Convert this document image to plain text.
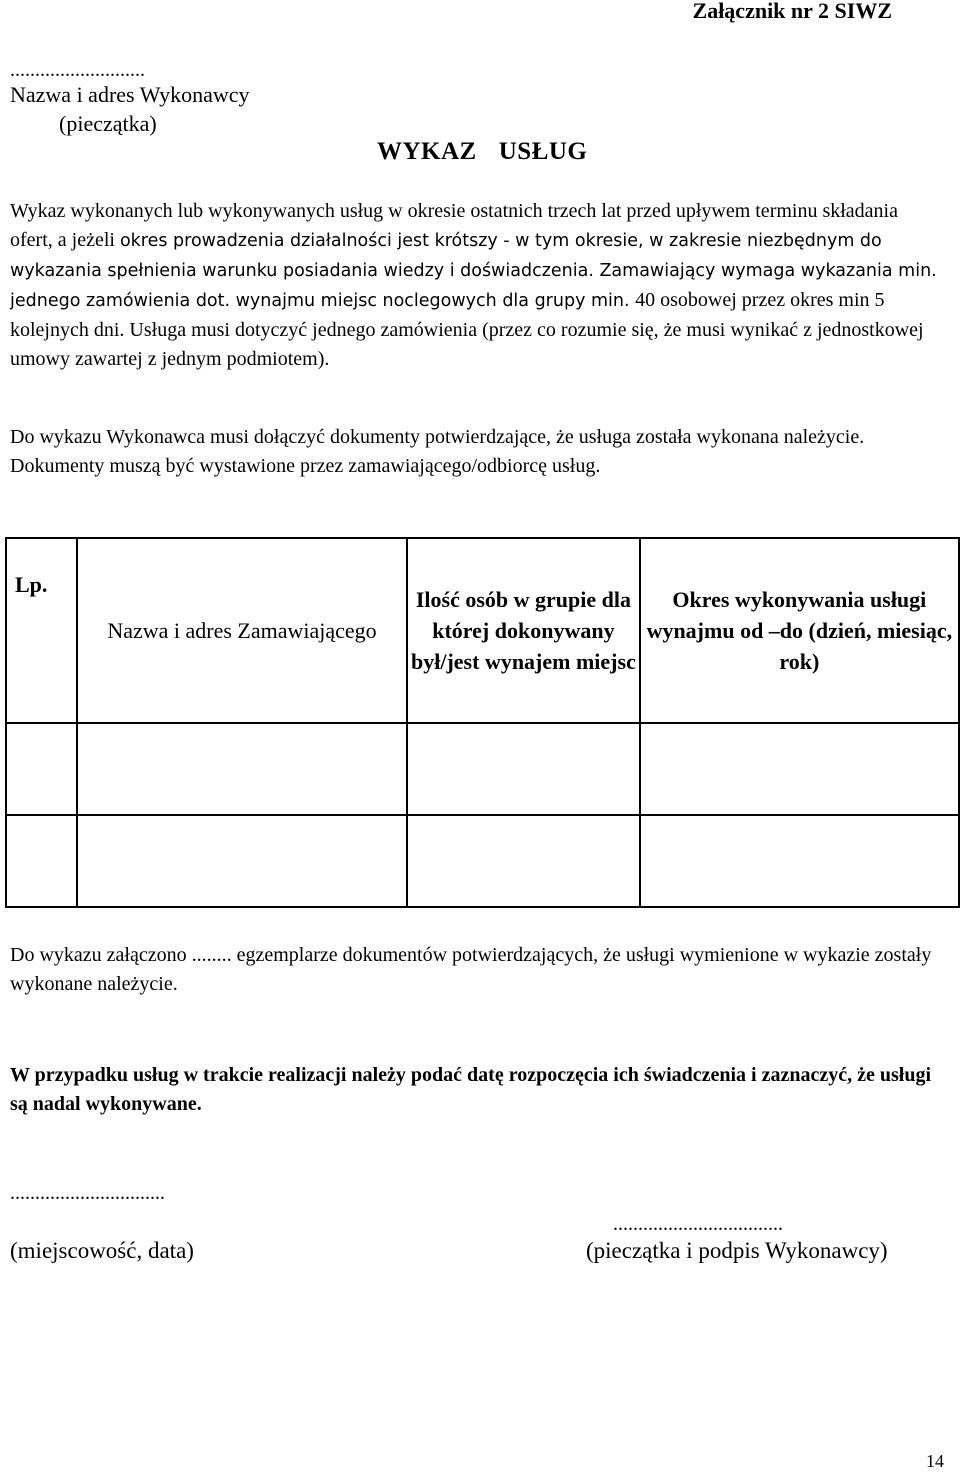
Załącznik nr 2 SIWZ
...........................
Nazwa i adres Wykonawcy
(pieczątka)
WYKAZ USŁUG
Wykaz wykonanych lub wykonywanych usług w okresie ostatnich trzech lat przed upływem terminu składania ofert, a jeżeli okres prowadzenia działalności jest krótszy - w tym okresie, w zakresie niezbędnym do wykazania spełnienia warunku posiadania wiedzy i doświadczenia. Zamawiający wymaga wykazania min. jednego zamówienia dot. wynajmu miejsc noclegowych dla grupy min. 40 osobowej przez okres min 5 kolejnych dni. Usługa musi dotyczyć jednego zamówienia (przez co rozumie się, że musi wynikać z jednostkowej umowy zawartej z jednym podmiotem).
Do wykazu Wykonawca musi dołączyć dokumenty potwierdzające, że usługa została wykonana należycie. Dokumenty muszą być wystawione przez zamawiającego/odbiorcę usług.
Lp.	Nazwa i adres Zamawiającego	Ilość osób w grupie dla której dokonywany był/jest wynajem miejsc	Okres wykonywania usługi wynajmu od –do (dzień, miesiąc, rok)

Do wykazu załączono ........ egzemplarze dokumentów potwierdzających, że usługi wymienione w wykazie zostały wykonane należycie.
W przypadku usług w trakcie realizacji należy podać datę rozpoczęcia ich świadczenia i zaznaczyć, że usługi są nadal wykonywane.
...............................
..................................
(miejscowość, data)	(pieczątka i podpis Wykonawcy)
14
